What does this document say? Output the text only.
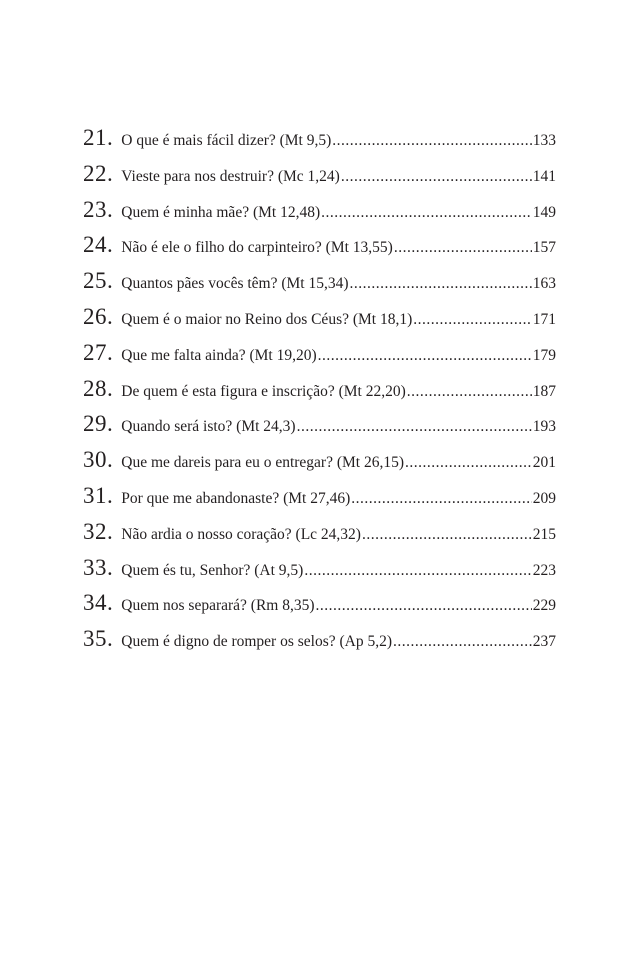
21. O que é mais fácil dizer? (Mt 9,5) .....	133
22. Vieste para nos destruir? (Mc 1,24) .....	141
23. Quem é minha mãe? (Mt 12,48) .....	149
24. Não é ele o filho do carpinteiro? (Mt 13,55) .....	157
25. Quantos pães vocês têm? (Mt 15,34) .....	163
26. Quem é o maior no Reino dos Céus? (Mt 18,1) .....	171
27. Que me falta ainda? (Mt 19,20) .....	179
28. De quem é esta figura e inscrição? (Mt 22,20) .....	187
29. Quando será isto? (Mt 24,3) .....	193
30. Que me dareis para eu o entregar? (Mt 26,15) .....	201
31. Por que me abandonaste? (Mt 27,46) .....	209
32. Não ardia o nosso coração? (Lc 24,32) .....	215
33. Quem és tu, Senhor? (At 9,5) .....	223
34. Quem nos separará? (Rm 8,35) .....	229
35. Quem é digno de romper os selos? (Ap 5,2) .....	237
